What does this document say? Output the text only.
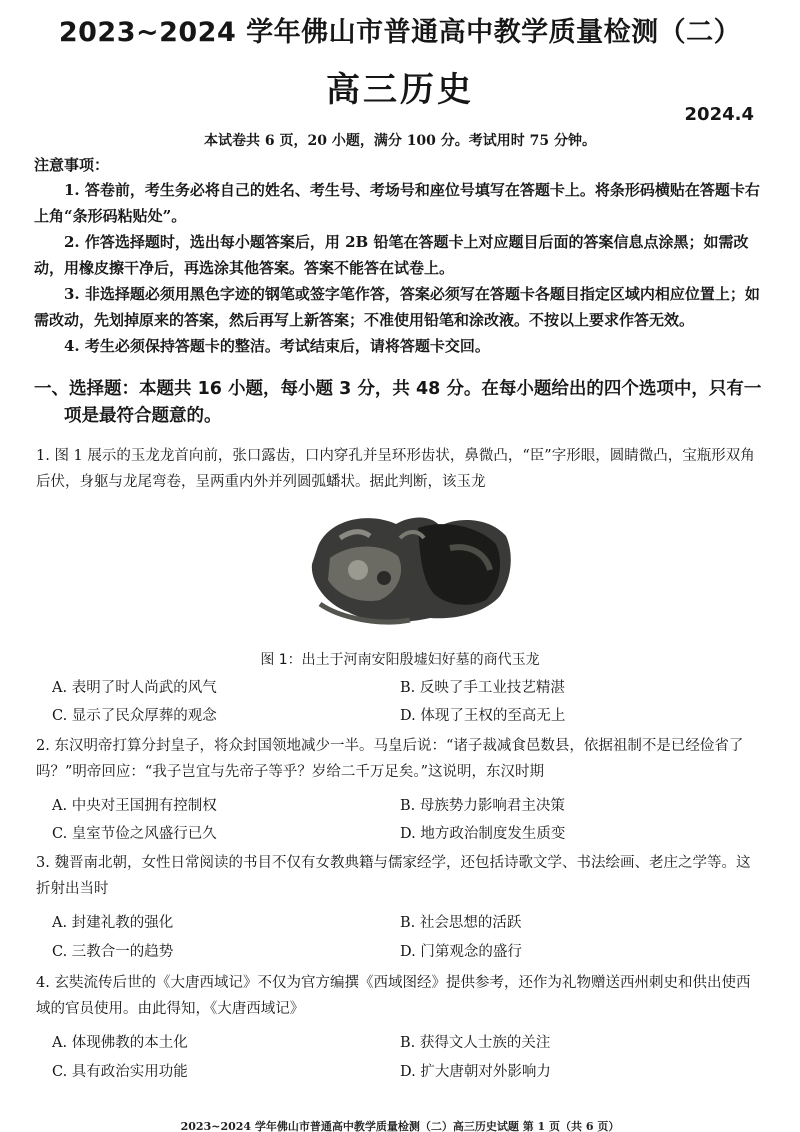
2023~2024 学年佛山市普通高中教学质量检测（二）
高三历史
2024.4
本试卷共 6 页，20 小题，满分 100 分。考试用时 75 分钟。
注意事项：
1. 答卷前，考生务必将自己的姓名、考生号、考场号和座位号填写在答题卡上。将条形码横贴在答题卡右上角“条形码粘贴处”。
2. 作答选择题时，选出每小题答案后，用 2B 铅笔在答题卡上对应题目后面的答案信息点涂黑；如需改动，用橡皮擦干净后，再选涂其他答案。答案不能答在试卷上。
3. 非选择题必须用黑色字迹的钢笔或签字笔作答，答案必须写在答题卡各题目指定区域内相应位置上；如需改动，先划掉原来的答案，然后再写上新答案；不准使用铅笔和涂改液。不按以上要求作答无效。
4. 考生必须保持答题卡的整洁。考试结束后，请将答题卡交回。
一、选择题：本题共 16 小题，每小题 3 分，共 48 分。在每小题给出的四个选项中，只有一
项是最符合题意的。
1. 图 1 展示的玉龙龙首向前，张口露齿，口内穿孔并呈环形齿状，鼻微凸，“臣”字形眼，圆睛微凸，宝瓶形双角后伏，身躯与龙尾弯卷，呈两重内外并列圆弧蟠状。据此判断，该玉龙
图 1：出土于河南安阳殷墟妇好墓的商代玉龙
A. 表明了时人尚武的风气	B. 反映了手工业技艺精湛
C. 显示了民众厚葬的观念	D. 体现了王权的至高无上
2. 东汉明帝打算分封皇子，将众封国领地减少一半。马皇后说：“诸子裁减食邑数县，依据祖制不是已经俭省了吗？”明帝回应：“我子岂宜与先帝子等乎？岁给二千万足矣。”这说明，东汉时期
A. 中央对王国拥有控制权	B. 母族势力影响君主决策
C. 皇室节俭之风盛行已久	D. 地方政治制度发生质变
3. 魏晋南北朝，女性日常阅读的书目不仅有女教典籍与儒家经学，还包括诗歌文学、书法绘画、老庄之学等。这折射出当时
A. 封建礼教的强化	B. 社会思想的活跃
C. 三教合一的趋势	D. 门第观念的盛行
4. 玄奘流传后世的《大唐西域记》不仅为官方编撰《西域图经》提供参考，还作为礼物赠送西州刺史和供出使西域的官员使用。由此得知，《大唐西域记》
A. 体现佛教的本土化	B. 获得文人士族的关注
C. 具有政治实用功能	D. 扩大唐朝对外影响力
2023~2024 学年佛山市普通高中教学质量检测（二）高三历史试题 第 1 页（共 6 页）
